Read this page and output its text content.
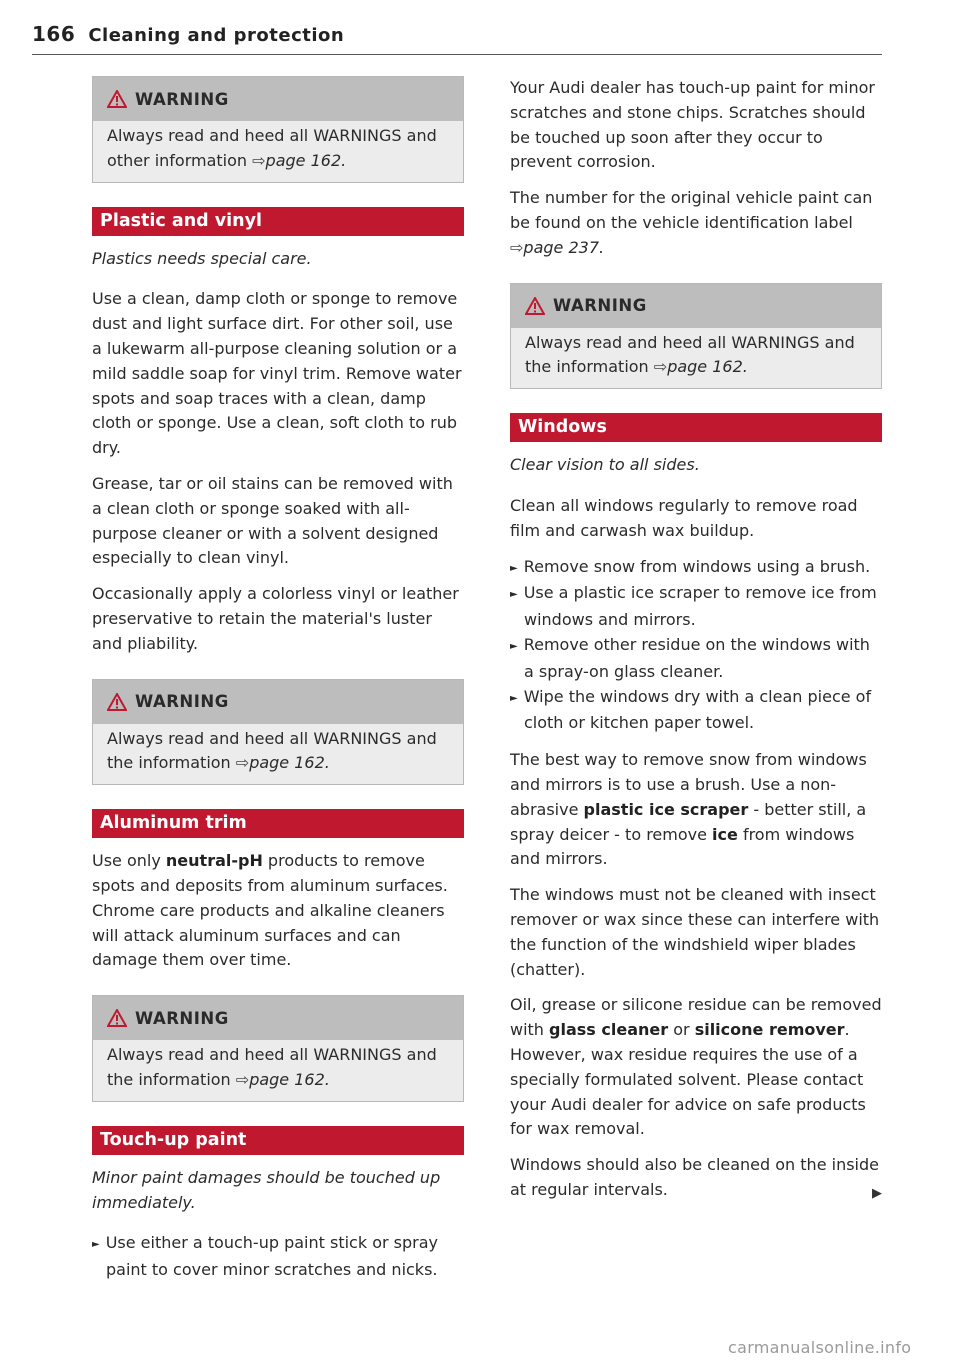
166 Cleaning and protection
WARNING
Always read and heed all WARNINGS and other information ⇨page 162.
Plastic and vinyl

Plastics needs special care.

Use a clean, damp cloth or sponge to remove dust and light surface dirt. For other soil, use a lukewarm all-purpose cleaning solution or a mild saddle soap for vinyl trim. Remove water spots and soap traces with a clean, damp cloth or sponge. Use a clean, soft cloth to rub dry.

Grease, tar or oil stains can be removed with a clean cloth or sponge soaked with all-purpose cleaner or with a solvent designed especially to clean vinyl.

Occasionally apply a colorless vinyl or leather preservative to retain the material's luster and pliability.

WARNING
Always read and heed all WARNINGS and the information ⇨page 162.
Aluminum trim

Use only neutral-pH products to remove spots and deposits from aluminum surfaces. Chrome care products and alkaline cleaners will attack aluminum surfaces and can damage them over time.

WARNING
Always read and heed all WARNINGS and the information ⇨page 162.
Touch-up paint

Minor paint damages should be touched up immediately.

► Use either a touch-up paint stick or spray paint to cover minor scratches and nicks.

Your Audi dealer has touch-up paint for minor scratches and stone chips. Scratches should be touched up soon after they occur to prevent corrosion.

The number for the original vehicle paint can be found on the vehicle identification label ⇨page 237.

WARNING
Always read and heed all WARNINGS and the information ⇨page 162.
Windows

Clear vision to all sides.

Clean all windows regularly to remove road film and carwash wax buildup.

► Remove snow from windows using a brush.
► Use a plastic ice scraper to remove ice from windows and mirrors.
► Remove other residue on the windows with a spray-on glass cleaner.
► Wipe the windows dry with a clean piece of cloth or kitchen paper towel.

The best way to remove snow from windows and mirrors is to use a brush. Use a non-abrasive plastic ice scraper - better still, a spray deicer - to remove ice from windows and mirrors.

The windows must not be cleaned with insect remover or wax since these can interfere with the function of the windshield wiper blades (chatter).

Oil, grease or silicone residue can be removed with glass cleaner or silicone remover. However, wax residue requires the use of a specially formulated solvent. Please contact your Audi dealer for advice on safe products for wax removal.

Windows should also be cleaned on the inside at regular intervals.	▶

carmanualsonline.info
